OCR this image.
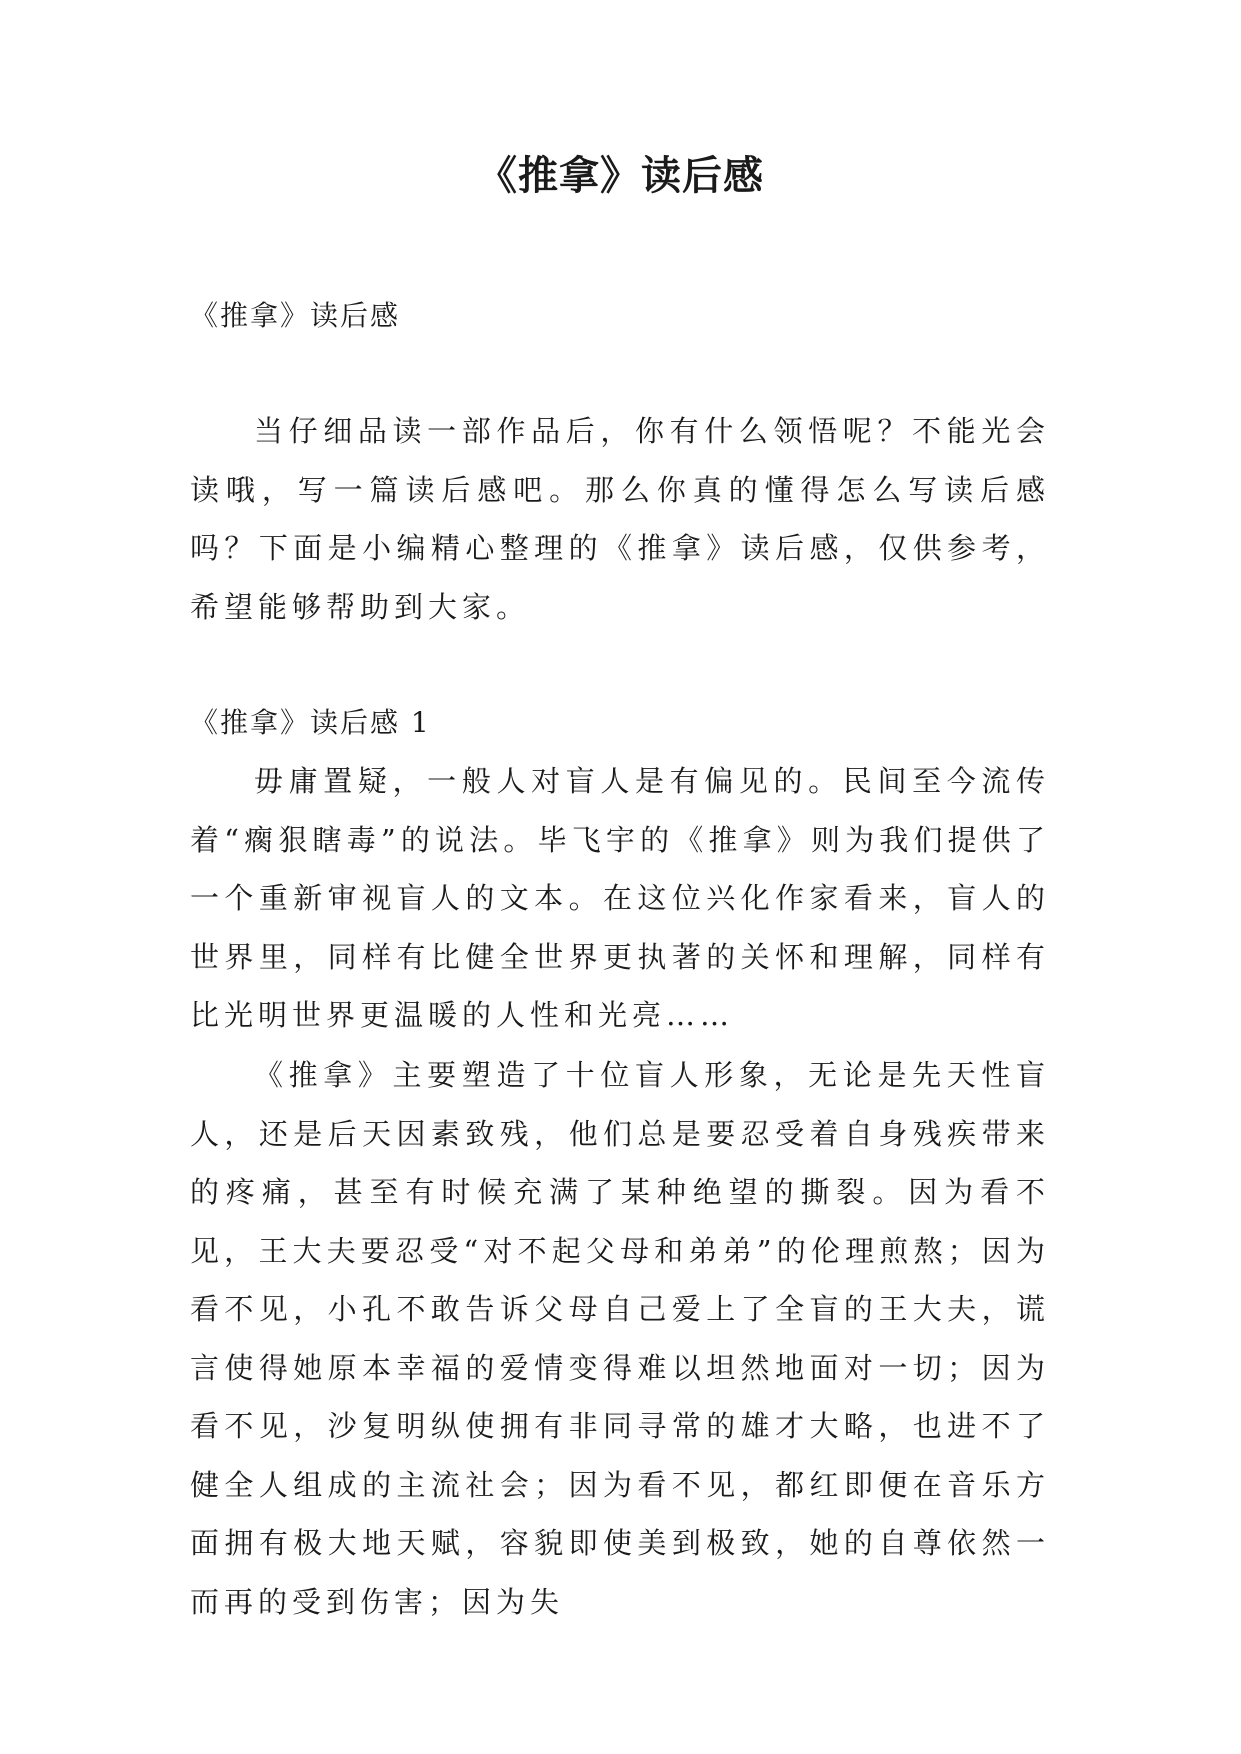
《推拿》读后感
《推拿》读后感

当仔细品读一部作品后，你有什么领悟呢？不能光会读哦，写一篇读后感吧。那么你真的懂得怎么写读后感吗？下面是小编精心整理的《推拿》读后感，仅供参考，希望能够帮助到大家。

《推拿》读后感 1

毋庸置疑，一般人对盲人是有偏见的。民间至今流传着“瘸狠瞎毒”的说法。毕飞宇的《推拿》则为我们提供了一个重新审视盲人的文本。在这位兴化作家看来，盲人的世界里，同样有比健全世界更执著的关怀和理解，同样有比光明世界更温暖的人性和光亮……

《推拿》主要塑造了十位盲人形象，无论是先天性盲人，还是后天因素致残，他们总是要忍受着自身残疾带来的疼痛，甚至有时候充满了某种绝望的撕裂。因为看不见，王大夫要忍受“对不起父母和弟弟”的伦理煎熬；因为看不见，小孔不敢告诉父母自己爱上了全盲的王大夫，谎言使得她原本幸福的爱情变得难以坦然地面对一切；因为看不见，沙复明纵使拥有非同寻常的雄才大略，也进不了健全人组成的主流社会；因为看不见，都红即便在音乐方面拥有极大地天赋，容貌即使美到极致，她的自尊依然一而再的受到伤害；因为失
